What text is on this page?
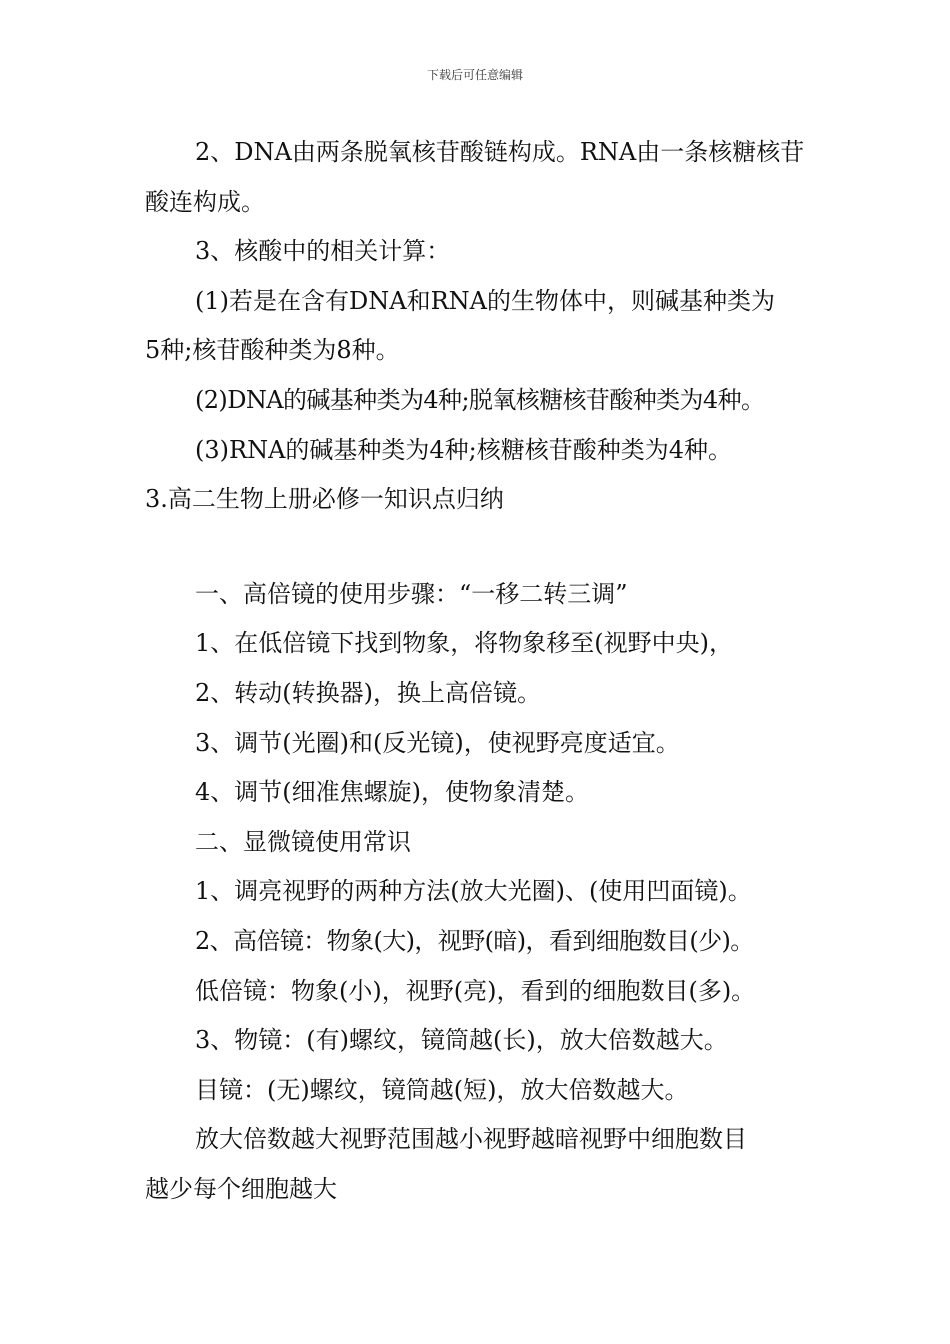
下载后可任意编辑
2、DNA由两条脱氧核苷酸链构成。RNA由一条核糖核苷
酸连构成。
3、核酸中的相关计算：
(1)若是在含有DNA和RNA的生物体中，则碱基种类为
5种;核苷酸种类为8种。
(2)DNA的碱基种类为4种;脱氧核糖核苷酸种类为4种。
(3)RNA的碱基种类为4种;核糖核苷酸种类为4种。
3.高二生物上册必修一知识点归纳
一、高倍镜的使用步骤：“一移二转三调”
1、在低倍镜下找到物象，将物象移至(视野中央)，
2、转动(转换器)，换上高倍镜。
3、调节(光圈)和(反光镜)，使视野亮度适宜。
4、调节(细准焦螺旋)，使物象清楚。
二、显微镜使用常识
1、调亮视野的两种方法(放大光圈)、(使用凹面镜)。
2、高倍镜：物象(大)，视野(暗)，看到细胞数目(少)。
低倍镜：物象(小)，视野(亮)，看到的细胞数目(多)。
3、物镜：(有)螺纹，镜筒越(长)，放大倍数越大。
目镜：(无)螺纹，镜筒越(短)，放大倍数越大。
放大倍数越大视野范围越小视野越暗视野中细胞数目
越少每个细胞越大
